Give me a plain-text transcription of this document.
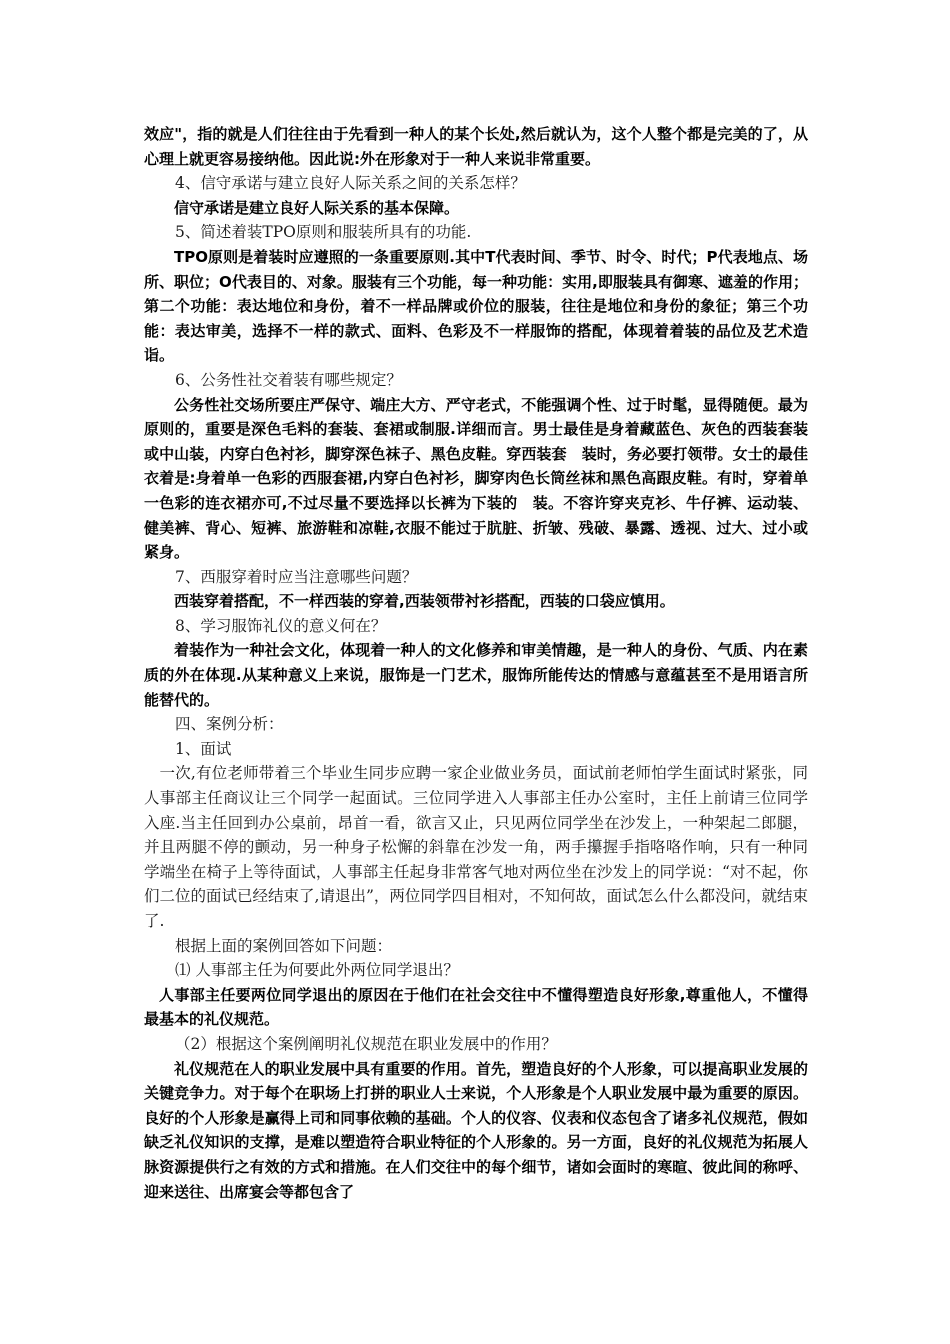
效应"，指的就是人们往往由于先看到一种人的某个长处,然后就认为，这个人整个都是完美的了，从心理上就更容易接纳他。因此说:外在形象对于一种人来说非常重要。

4、信守承诺与建立良好人际关系之间的关系怎样？

信守承诺是建立良好人际关系的基本保障。

5、简述着装TPO原则和服装所具有的功能.

TPO原则是着装时应遵照的一条重要原则.其中T代表时间、季节、时令、时代；P代表地点、场所、职位；O代表目的、对象。服装有三个功能，每一种功能：实用,即服装具有御寒、遮羞的作用；第二个功能：表达地位和身份，着不一样品牌或价位的服装，往往是地位和身份的象征；第三个功能：表达审美，选择不一样的款式、面料、色彩及不一样服饰的搭配，体现着着装的品位及艺术造诣。

6、公务性社交着装有哪些规定？

公务性社交场所要庄严保守、端庄大方、严守老式，不能强调个性、过于时髦，显得随便。最为原则的，重要是深色毛料的套装、套裙或制服.详细而言。男士最佳是身着藏蓝色、灰色的西装套装或中山装，内穿白色衬衫，脚穿深色袜子、黑色皮鞋。穿西装套　装时，务必要打领带。女士的最佳衣着是:身着单一色彩的西服套裙,内穿白色衬衫，脚穿肉色长筒丝袜和黑色高跟皮鞋。有时，穿着单一色彩的连衣裙亦可,不过尽量不要选择以长裤为下装的　装。不容许穿夹克衫、牛仔裤、运动装、健美裤、背心、短裤、旅游鞋和凉鞋,衣服不能过于肮脏、折皱、残破、暴露、透视、过大、过小或紧身。

7、西服穿着时应当注意哪些问题？

西装穿着搭配，不一样西装的穿着,西装领带衬衫搭配，西装的口袋应慎用。

8、学习服饰礼仪的意义何在？

着装作为一种社会文化，体现着一种人的文化修养和审美情趣，是一种人的身份、气质、内在素质的外在体现.从某种意义上来说，服饰是一门艺术，服饰所能传达的情感与意蕴甚至不是用语言所能替代的。

四、案例分析：

1、面试

一次,有位老师带着三个毕业生同步应聘一家企业做业务员，面试前老师怕学生面试时紧张，同人事部主任商议让三个同学一起面试。三位同学进入人事部主任办公室时，主任上前请三位同学入座.当主任回到办公桌前，昂首一看，欲言又止，只见两位同学坐在沙发上，一种架起二郎腿，并且两腿不停的颤动，另一种身子松懈的斜靠在沙发一角，两手攥握手指咯咯作响，只有一种同学端坐在椅子上等待面试，人事部主任起身非常客气地对两位坐在沙发上的同学说：“对不起，你们二位的面试已经结束了,请退出”，两位同学四目相对，不知何故，面试怎么什么都没问，就结束了.

根据上面的案例回答如下问题：

⑴ 人事部主任为何要此外两位同学退出？

人事部主任要两位同学退出的原因在于他们在社会交往中不懂得塑造良好形象,尊重他人，不懂得最基本的礼仪规范。

（2）根据这个案例阐明礼仪规范在职业发展中的作用？

礼仪规范在人的职业发展中具有重要的作用。首先，塑造良好的个人形象，可以提高职业发展的关键竞争力。对于每个在职场上打拼的职业人士来说，个人形象是个人职业发展中最为重要的原因。良好的个人形象是赢得上司和同事依赖的基础。个人的仪容、仪表和仪态包含了诸多礼仪规范，假如缺乏礼仪知识的支撑，是难以塑造符合职业特征的个人形象的。另一方面，良好的礼仪规范为拓展人脉资源提供行之有效的方式和措施。在人们交往中的每个细节，诸如会面时的寒暄、彼此间的称呼、迎来送往、出席宴会等都包含了
